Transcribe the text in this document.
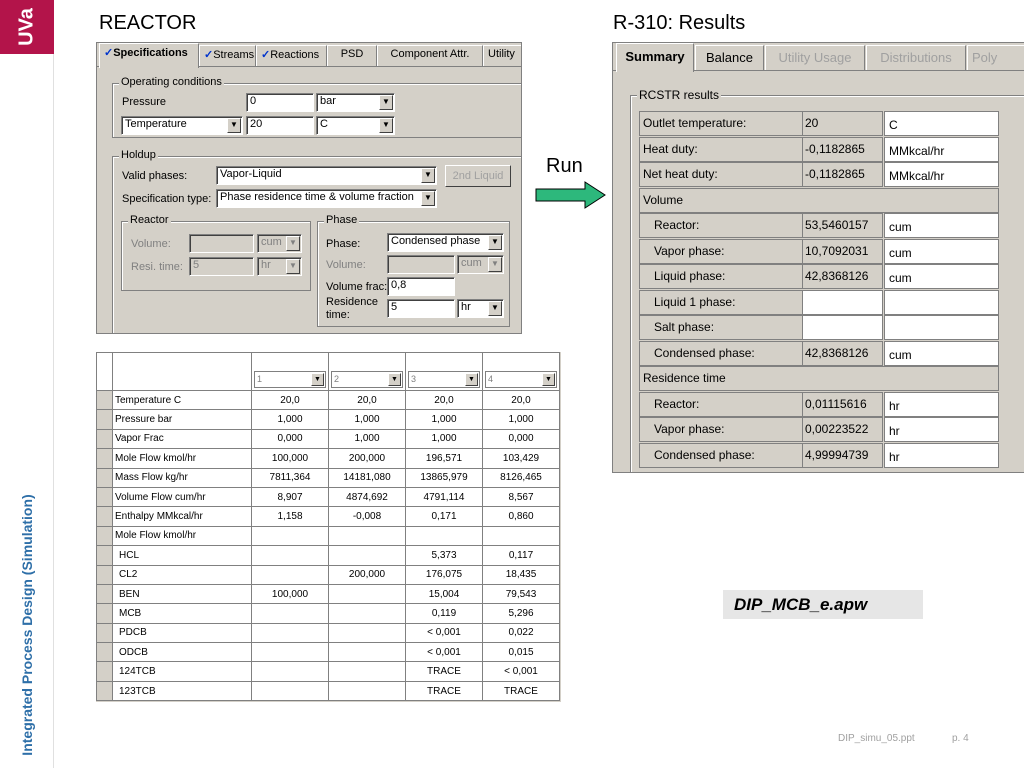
UVa
Integrated Process Design (Simulation)
REACTOR	R-310: Results
✓Specifications	✓Streams ✓Reactions	PSD	Component Attr.	Utility
Operating conditions
Pressure	0	bar	▼
Temperature	▼	20	C	▼
Holdup
Valid phases:	Vapor-Liquid	▼	2nd Liquid
Specification type: Phase residence time & volume fraction	▼
Reactor
Volume:	cum ▼
Resi. time: 5	hr	▼
Phase
Phase:	Condensed phase	▼
Volume:	cum	▼
Volume frac: 0,8
Residence
time:
5	hr	▼
		1 ▼	2 ▼	3 ▼	4 ▼

	Temperature C	20,0	20,0	20,0	20,0
	Pressure bar	1,000	1,000	1,000	1,000
	Vapor Frac	0,000	1,000	1,000	0,000
	Mole Flow kmol/hr	100,000	200,000	196,571	103,429
	Mass Flow kg/hr	7811,364	14181,080	13865,979	8126,465
	Volume Flow cum/hr	8,907	4874,692	4791,114	8,567
	Enthalpy MMkcal/hr	1,158	-0,008	0,171	0,860
	Mole Flow kmol/hr				
	HCL			5,373	0,117
	CL2		200,000	176,075	18,435
	BEN	100,000		15,004	79,543
	MCB			0,119	5,296
	PDCB			< 0,001	0,022
	ODCB			< 0,001	0,015
	124TCB			TRACE	< 0,001
	123TCB			TRACE	TRACE
Run
Summary	Balance	Utility Usage	Distributions	Poly
RCSTR results
Outlet temperature:	20	C
Heat duty:	-0,1182865	MMkcal/hr
Net heat duty:	-0,1182865	MMkcal/hr
Volume
Reactor:	53,5460157	cum
Vapor phase:	10,7092031	cum
Liquid phase:	42,8368126	cum
Liquid 1 phase:
Salt phase:
Condensed phase:	42,8368126	cum
Residence time
Reactor:	0,01115616	hr
Vapor phase:	0,00223522	hr
Condensed phase:	4,99994739	hr
DIP_MCB_e.apw
DIP_simu_05.ppt	p. 4
